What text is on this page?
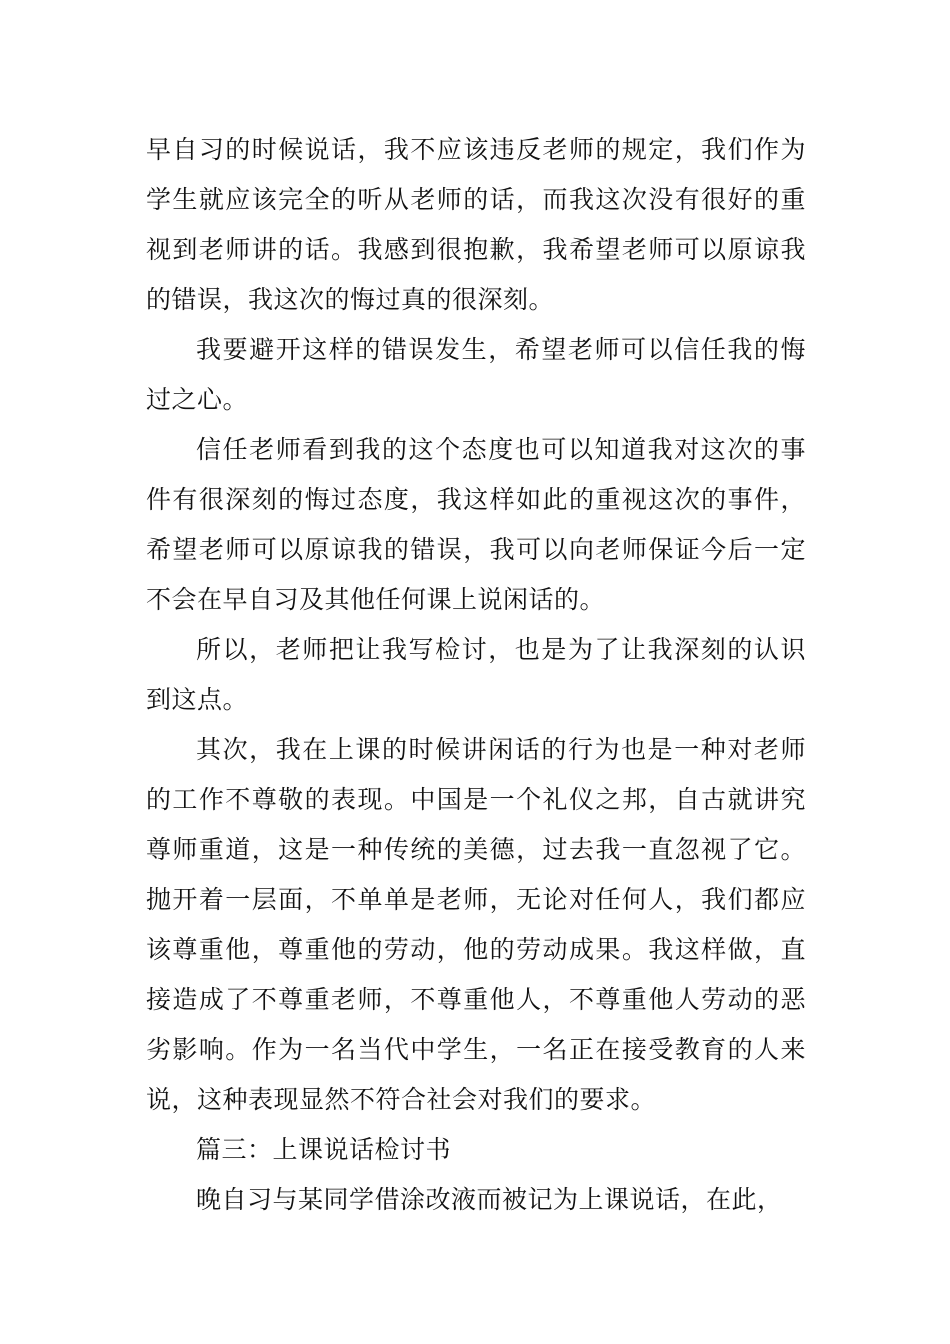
早自习的时候说话，我不应该违反老师的规定，我们作为学生就应该完全的听从老师的话，而我这次没有很好的重视到老师讲的话。我感到很抱歉，我希望老师可以原谅我的错误，我这次的悔过真的很深刻。

我要避开这样的错误发生，希望老师可以信任我的悔过之心。

信任老师看到我的这个态度也可以知道我对这次的事件有很深刻的悔过态度，我这样如此的重视这次的事件，希望老师可以原谅我的错误，我可以向老师保证今后一定不会在早自习及其他任何课上说闲话的。

所以，老师把让我写检讨，也是为了让我深刻的认识到这点。

其次，我在上课的时候讲闲话的行为也是一种对老师的工作不尊敬的表现。中国是一个礼仪之邦，自古就讲究尊师重道，这是一种传统的美德，过去我一直忽视了它。抛开着一层面，不单单是老师，无论对任何人，我们都应该尊重他，尊重他的劳动，他的劳动成果。我这样做，直接造成了不尊重老师，不尊重他人，不尊重他人劳动的恶劣影响。作为一名当代中学生，一名正在接受教育的人来说，这种表现显然不符合社会对我们的要求。

篇三：上课说话检讨书

晚自习与某同学借涂改液而被记为上课说话，在此，
